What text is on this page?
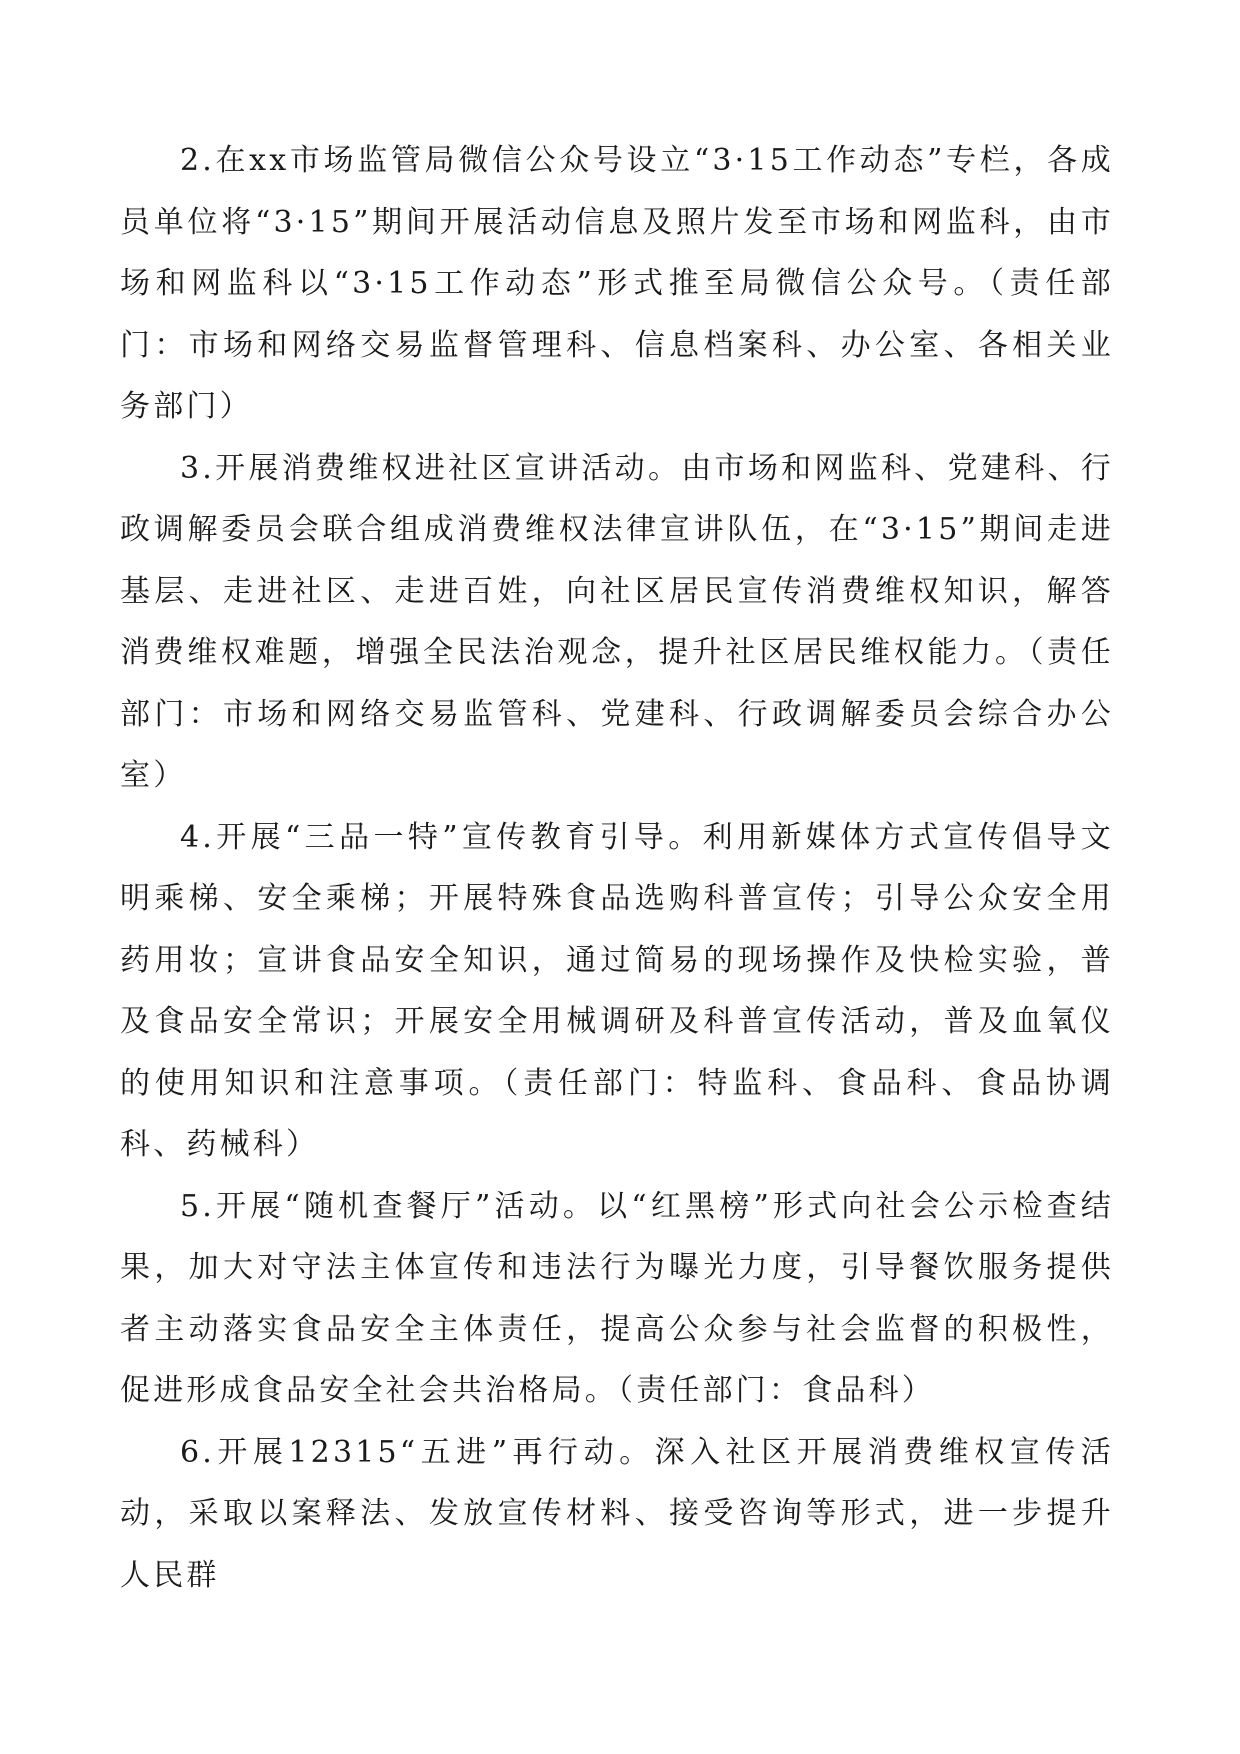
2.在xx市场监管局微信公众号设立“3·15工作动态”专栏，各成员单位将“3·15”期间开展活动信息及照片发至市场和网监科，由市场和网监科以“3·15工作动态”形式推至局微信公众号。（责任部门：市场和网络交易监督管理科、信息档案科、办公室、各相关业务部门）

3.开展消费维权进社区宣讲活动。由市场和网监科、党建科、行政调解委员会联合组成消费维权法律宣讲队伍，在“3·15”期间走进基层、走进社区、走进百姓，向社区居民宣传消费维权知识，解答消费维权难题，增强全民法治观念，提升社区居民维权能力。（责任部门：市场和网络交易监管科、党建科、行政调解委员会综合办公室）

4.开展“三品一特”宣传教育引导。利用新媒体方式宣传倡导文明乘梯、安全乘梯；开展特殊食品选购科普宣传；引导公众安全用药用妆；宣讲食品安全知识，通过简易的现场操作及快检实验，普及食品安全常识；开展安全用械调研及科普宣传活动，普及血氧仪的使用知识和注意事项。（责任部门：特监科、食品科、食品协调科、药械科）

5.开展“随机查餐厅”活动。以“红黑榜”形式向社会公示检查结果，加大对守法主体宣传和违法行为曝光力度，引导餐饮服务提供者主动落实食品安全主体责任，提高公众参与社会监督的积极性，促进形成食品安全社会共治格局。（责任部门：食品科）

6.开展12315“五进”再行动。深入社区开展消费维权宣传活动，采取以案释法、发放宣传材料、接受咨询等形式，进一步提升人民群
